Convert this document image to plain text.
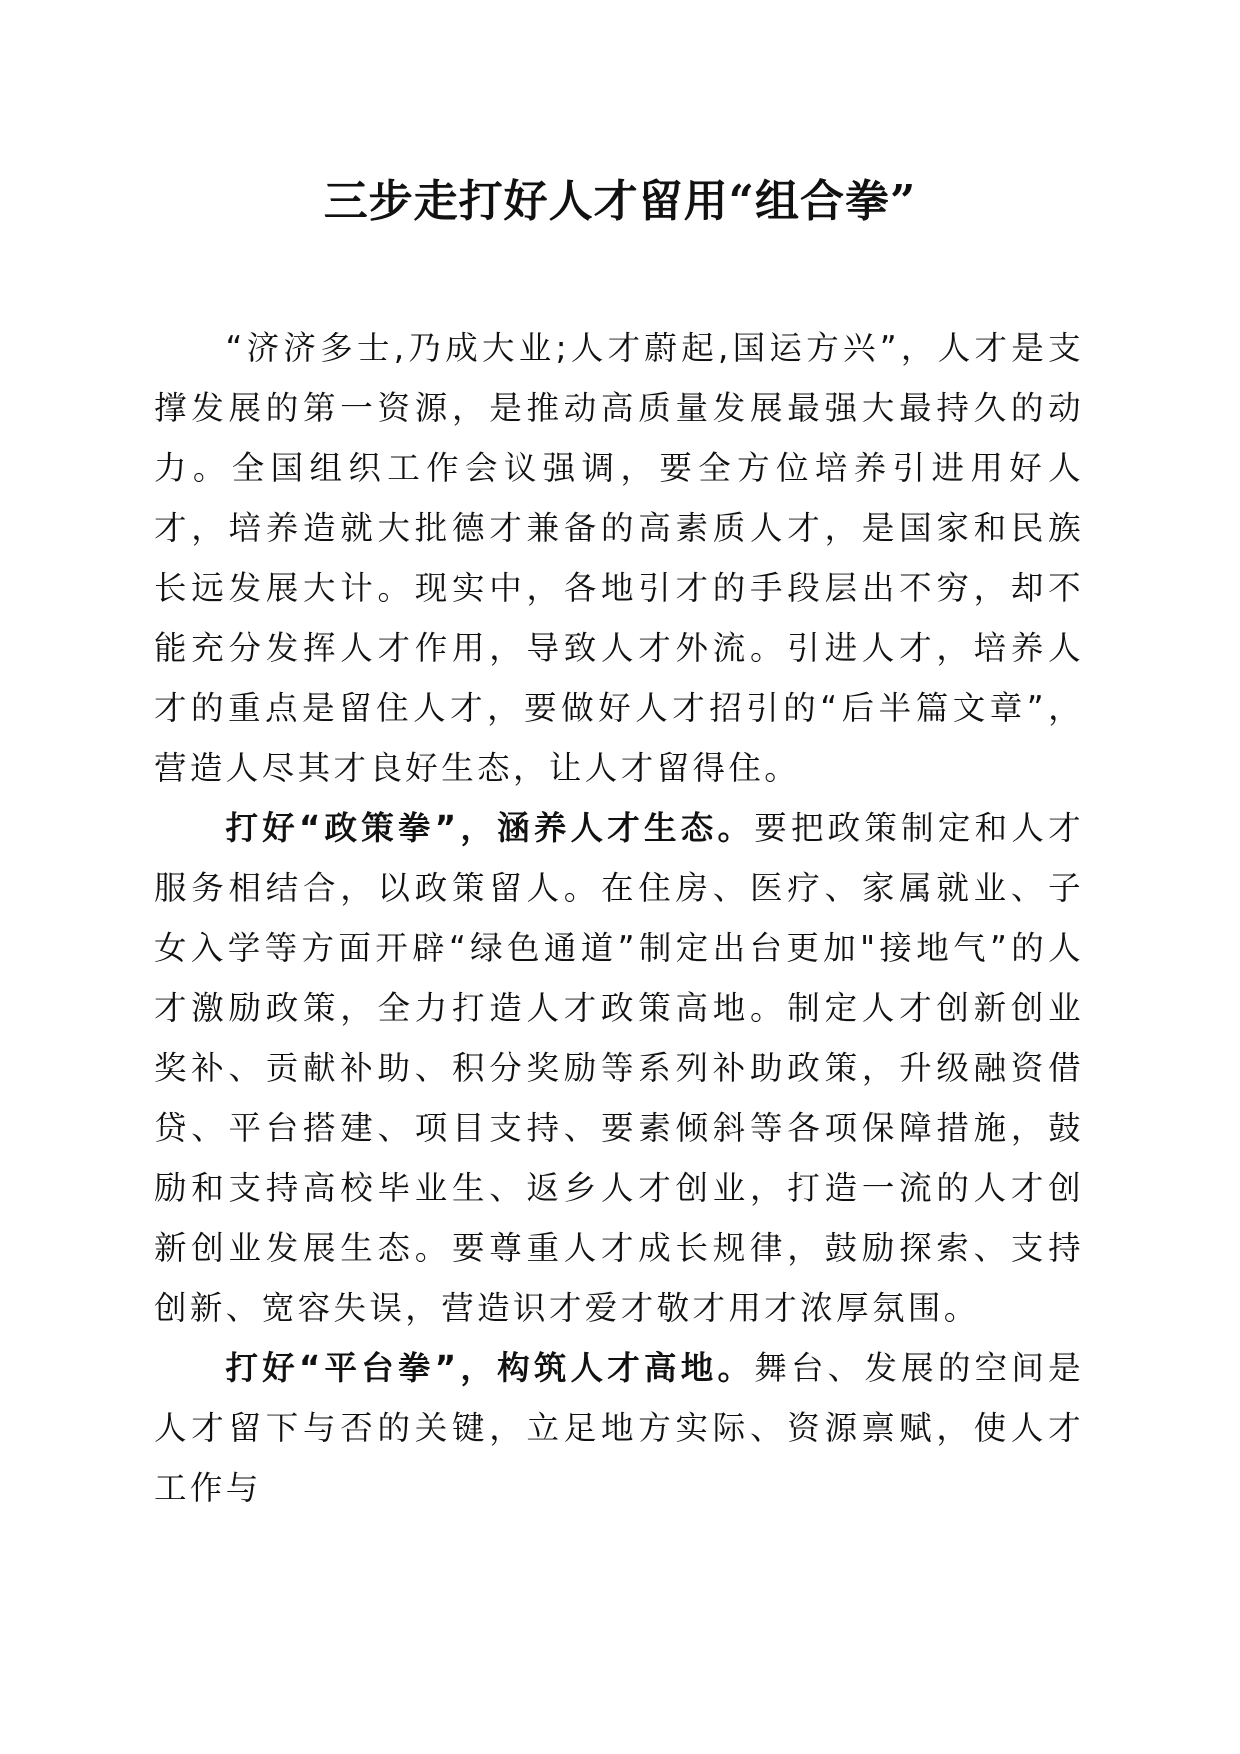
三步走打好人才留用“组合拳”

“济济多士,乃成大业;人才蔚起,国运方兴”，人才是支撑发展的第一资源，是推动高质量发展最强大最持久的动力。全国组织工作会议强调，要全方位培养引进用好人才，培养造就大批德才兼备的高素质人才，是国家和民族长远发展大计。现实中，各地引才的手段层出不穷，却不能充分发挥人才作用，导致人才外流。引进人才，培养人才的重点是留住人才，要做好人才招引的“后半篇文章”，营造人尽其才良好生态，让人才留得住。

打好“政策拳”，涵养人才生态。要把政策制定和人才服务相结合，以政策留人。在住房、医疗、家属就业、子女入学等方面开辟“绿色通道”制定出台更加"接地气”的人才激励政策，全力打造人才政策高地。制定人才创新创业奖补、贡献补助、积分奖励等系列补助政策，升级融资借贷、平台搭建、项目支持、要素倾斜等各项保障措施，鼓励和支持高校毕业生、返乡人才创业，打造一流的人才创新创业发展生态。要尊重人才成长规律，鼓励探索、支持创新、宽容失误，营造识才爱才敬才用才浓厚氛围。

打好“平台拳”，构筑人才高地。舞台、发展的空间是人才留下与否的关键，立足地方实际、资源禀赋，使人才工作与
